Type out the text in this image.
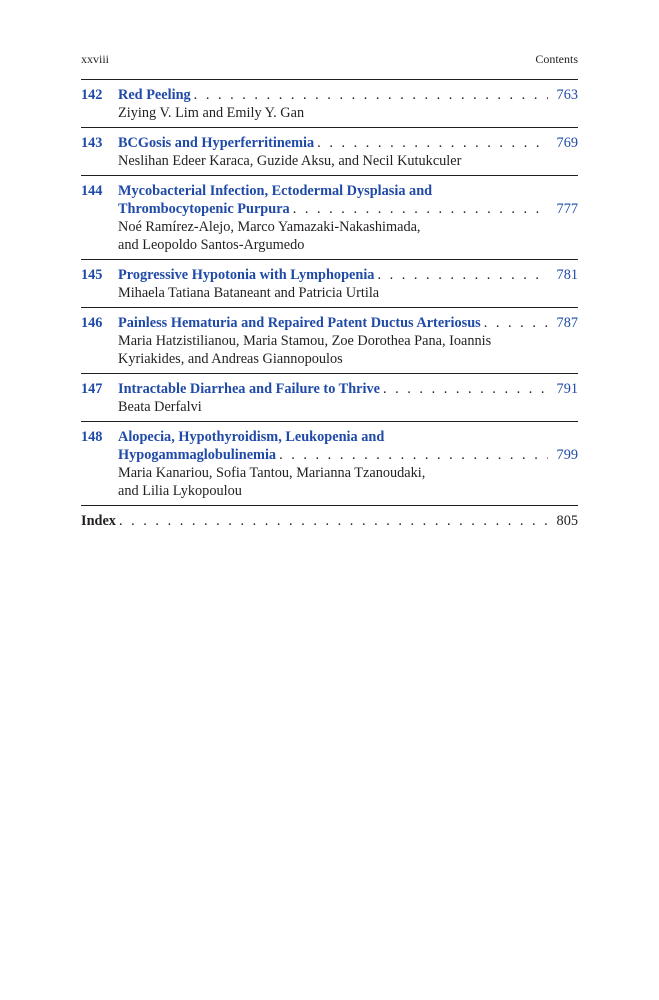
xxviii	Contents
142	Red Peeling . . .	763
Ziying V. Lim and Emily Y. Gan
143	BCGosis and Hyperferritinemia . . .	769
Neslihan Edeer Karaca, Guzide Aksu, and Necil Kutukculer
144	Mycobacterial Infection, Ectodermal Dysplasia and
Thrombocytopenic Purpura . . .	777
Noé Ramírez-Alejo, Marco Yamazaki-Nakashimada,
and Leopoldo Santos-Argumedo
145	Progressive Hypotonia with Lymphopenia . . .	781
Mihaela Tatiana Bataneant and Patricia Urtila
146	Painless Hematuria and Repaired Patent Ductus Arteriosus . . .	787
Maria Hatzistilianou, Maria Stamou, Zoe Dorothea Pana, Ioannis
Kyriakides, and Andreas Giannopoulos
147	Intractable Diarrhea and Failure to Thrive . . .	791
Beata Derfalvi
148	Alopecia, Hypothyroidism, Leukopenia and
Hypogammaglobulinemia . . .	799
Maria Kanariou, Sofia Tantou, Marianna Tzanoudaki,
and Lilia Lykopoulou
Index . . .	805
